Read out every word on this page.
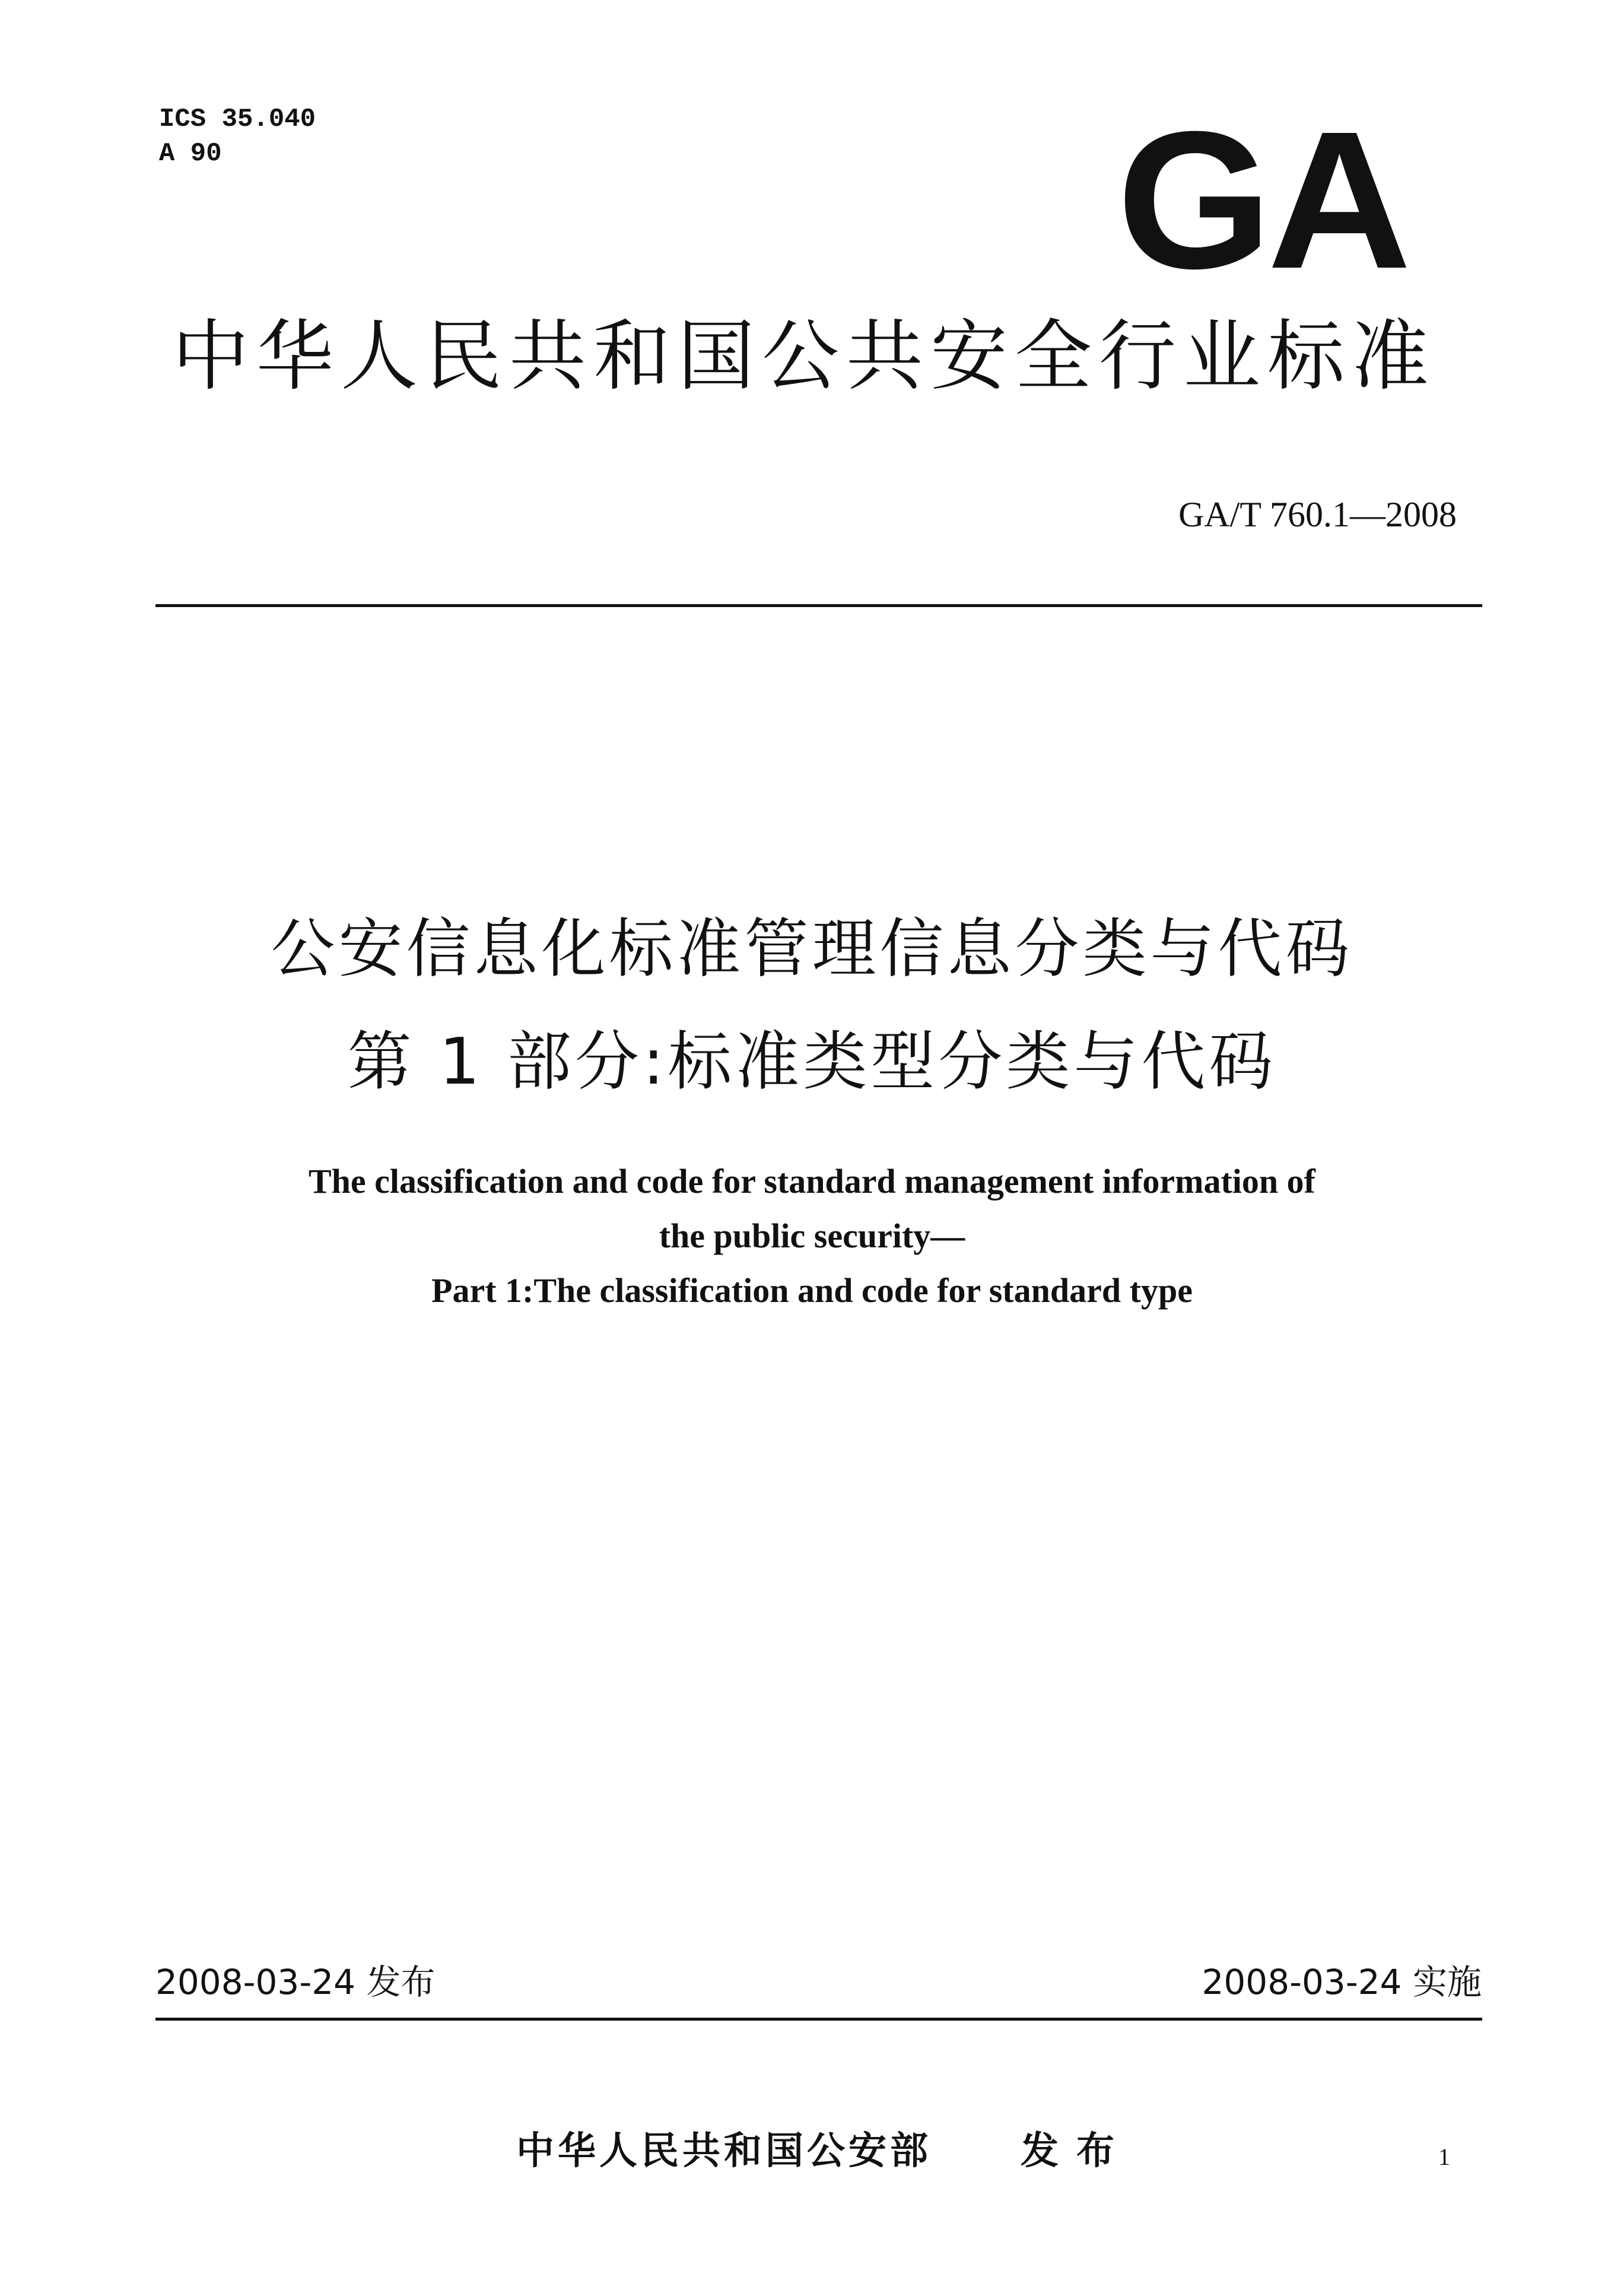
ICS 35.040
A 90	GA
中华人民共和国公共安全行业标准
GA/T 760.1—2008
公安信息化标准管理信息分类与代码
第 1 部分:标准类型分类与代码
The classification and code for standard management information of
the public security—
Part 1:The classification and code for standard type
2008-03-24 发布	2008-03-24 实施
中华人民共和国公安部 发布	1
